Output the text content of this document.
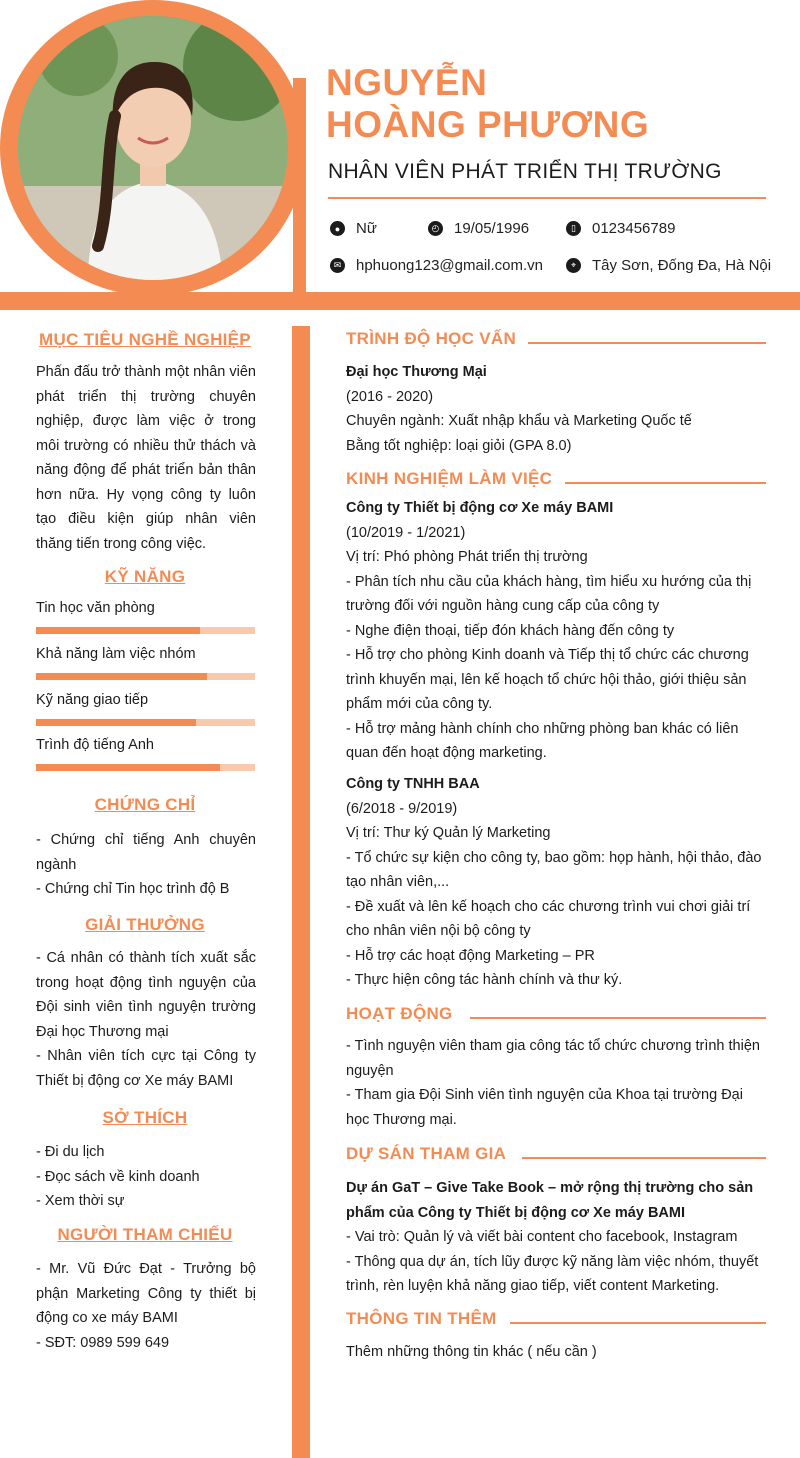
NGUYỄN
HOÀNG PHƯƠNG
NHÂN VIÊN PHÁT TRIỂN THỊ TRƯỜNG
●	Nữ	◴ 19/05/1996	▯	0123456789
✉ hphuong123@gmail.com.vn	⌖	Tây Sơn, Đống Đa, Hà Nội
MỤC TIÊU NGHỀ NGHIỆP
Phấn đấu trở thành một nhân viên phát triển thị trường chuyên nghiệp, được làm việc ở trong môi trường có nhiều thử thách và năng động để phát triển bản thân hơn nữa. Hy vọng công ty luôn tạo điều kiện giúp nhân viên thăng tiến trong công việc.
KỸ NĂNG
Tin học văn phòng
Khả năng làm việc nhóm
Kỹ năng giao tiếp
Trình độ tiếng Anh
CHỨNG CHỈ
- Chứng chỉ tiếng Anh chuyên ngành
- Chứng chỉ Tin học trình độ B
GIẢI THƯỞNG
- Cá nhân có thành tích xuất sắc trong hoạt động tình nguyện của Đội sinh viên tình nguyện trường Đại học Thương mại
- Nhân viên tích cực tại Công ty Thiết bị động cơ Xe máy BAMI
SỞ THÍCH
- Đi du lịch
- Đọc sách về kinh doanh
- Xem thời sự
NGƯỜI THAM CHIẾU
- Mr. Vũ Đức Đạt - Trưởng bộ phận Marketing Công ty thiết bị động co xe máy BAMI
- SĐT: 0989 599 649
TRÌNH ĐỘ HỌC VẤN
Đại học Thương Mại
(2016 - 2020)
Chuyên ngành: Xuất nhập khẩu và Marketing Quốc tế
Bằng tốt nghiệp: loại giỏi (GPA 8.0)
KINH NGHIỆM LÀM VIỆC
Công ty Thiết bị động cơ Xe máy BAMI
(10/2019 - 1/2021)
Vị trí: Phó phòng Phát triển thị trường
- Phân tích nhu cầu của khách hàng, tìm hiểu xu hướng của thị trường đối với nguồn hàng cung cấp của công ty
- Nghe điện thoại, tiếp đón khách hàng đến công ty
- Hỗ trợ cho phòng Kinh doanh và Tiếp thị tổ chức các chương trình khuyến mại, lên kế hoạch tổ chức hội thảo, giới thiệu sản phẩm mới của công ty.
- Hỗ trợ mảng hành chính cho những phòng ban khác có liên quan đến hoạt động marketing.
Công ty TNHH BAA
(6/2018 - 9/2019)
Vị trí: Thư ký Quản lý Marketing
- Tổ chức sự kiện cho công ty, bao gồm: họp hành, hội thảo, đào tạo nhân viên,...
- Đề xuất và lên kế hoạch cho các chương trình vui chơi giải trí cho nhân viên nội bộ công ty
- Hỗ trợ các hoạt động Marketing – PR
- Thực hiện công tác hành chính và thư ký.
HOẠT ĐỘNG
- Tình nguyện viên tham gia công tác tổ chức chương trình thiện nguyện
- Tham gia Đội Sinh viên tình nguyện của Khoa tại trường Đại học Thương mại.
DỰ SÁN THAM GIA
Dự án GaT – Give Take Book – mở rộng thị trường cho sản phẩm của Công ty Thiết bị động cơ Xe máy BAMI
- Vai trò: Quản lý và viết bài content cho facebook, Instagram
- Thông qua dự án, tích lũy được kỹ năng làm việc nhóm, thuyết trình, rèn luyện khả năng giao tiếp, viết content Marketing.
THÔNG TIN THÊM
Thêm những thông tin khác ( nếu cần )
